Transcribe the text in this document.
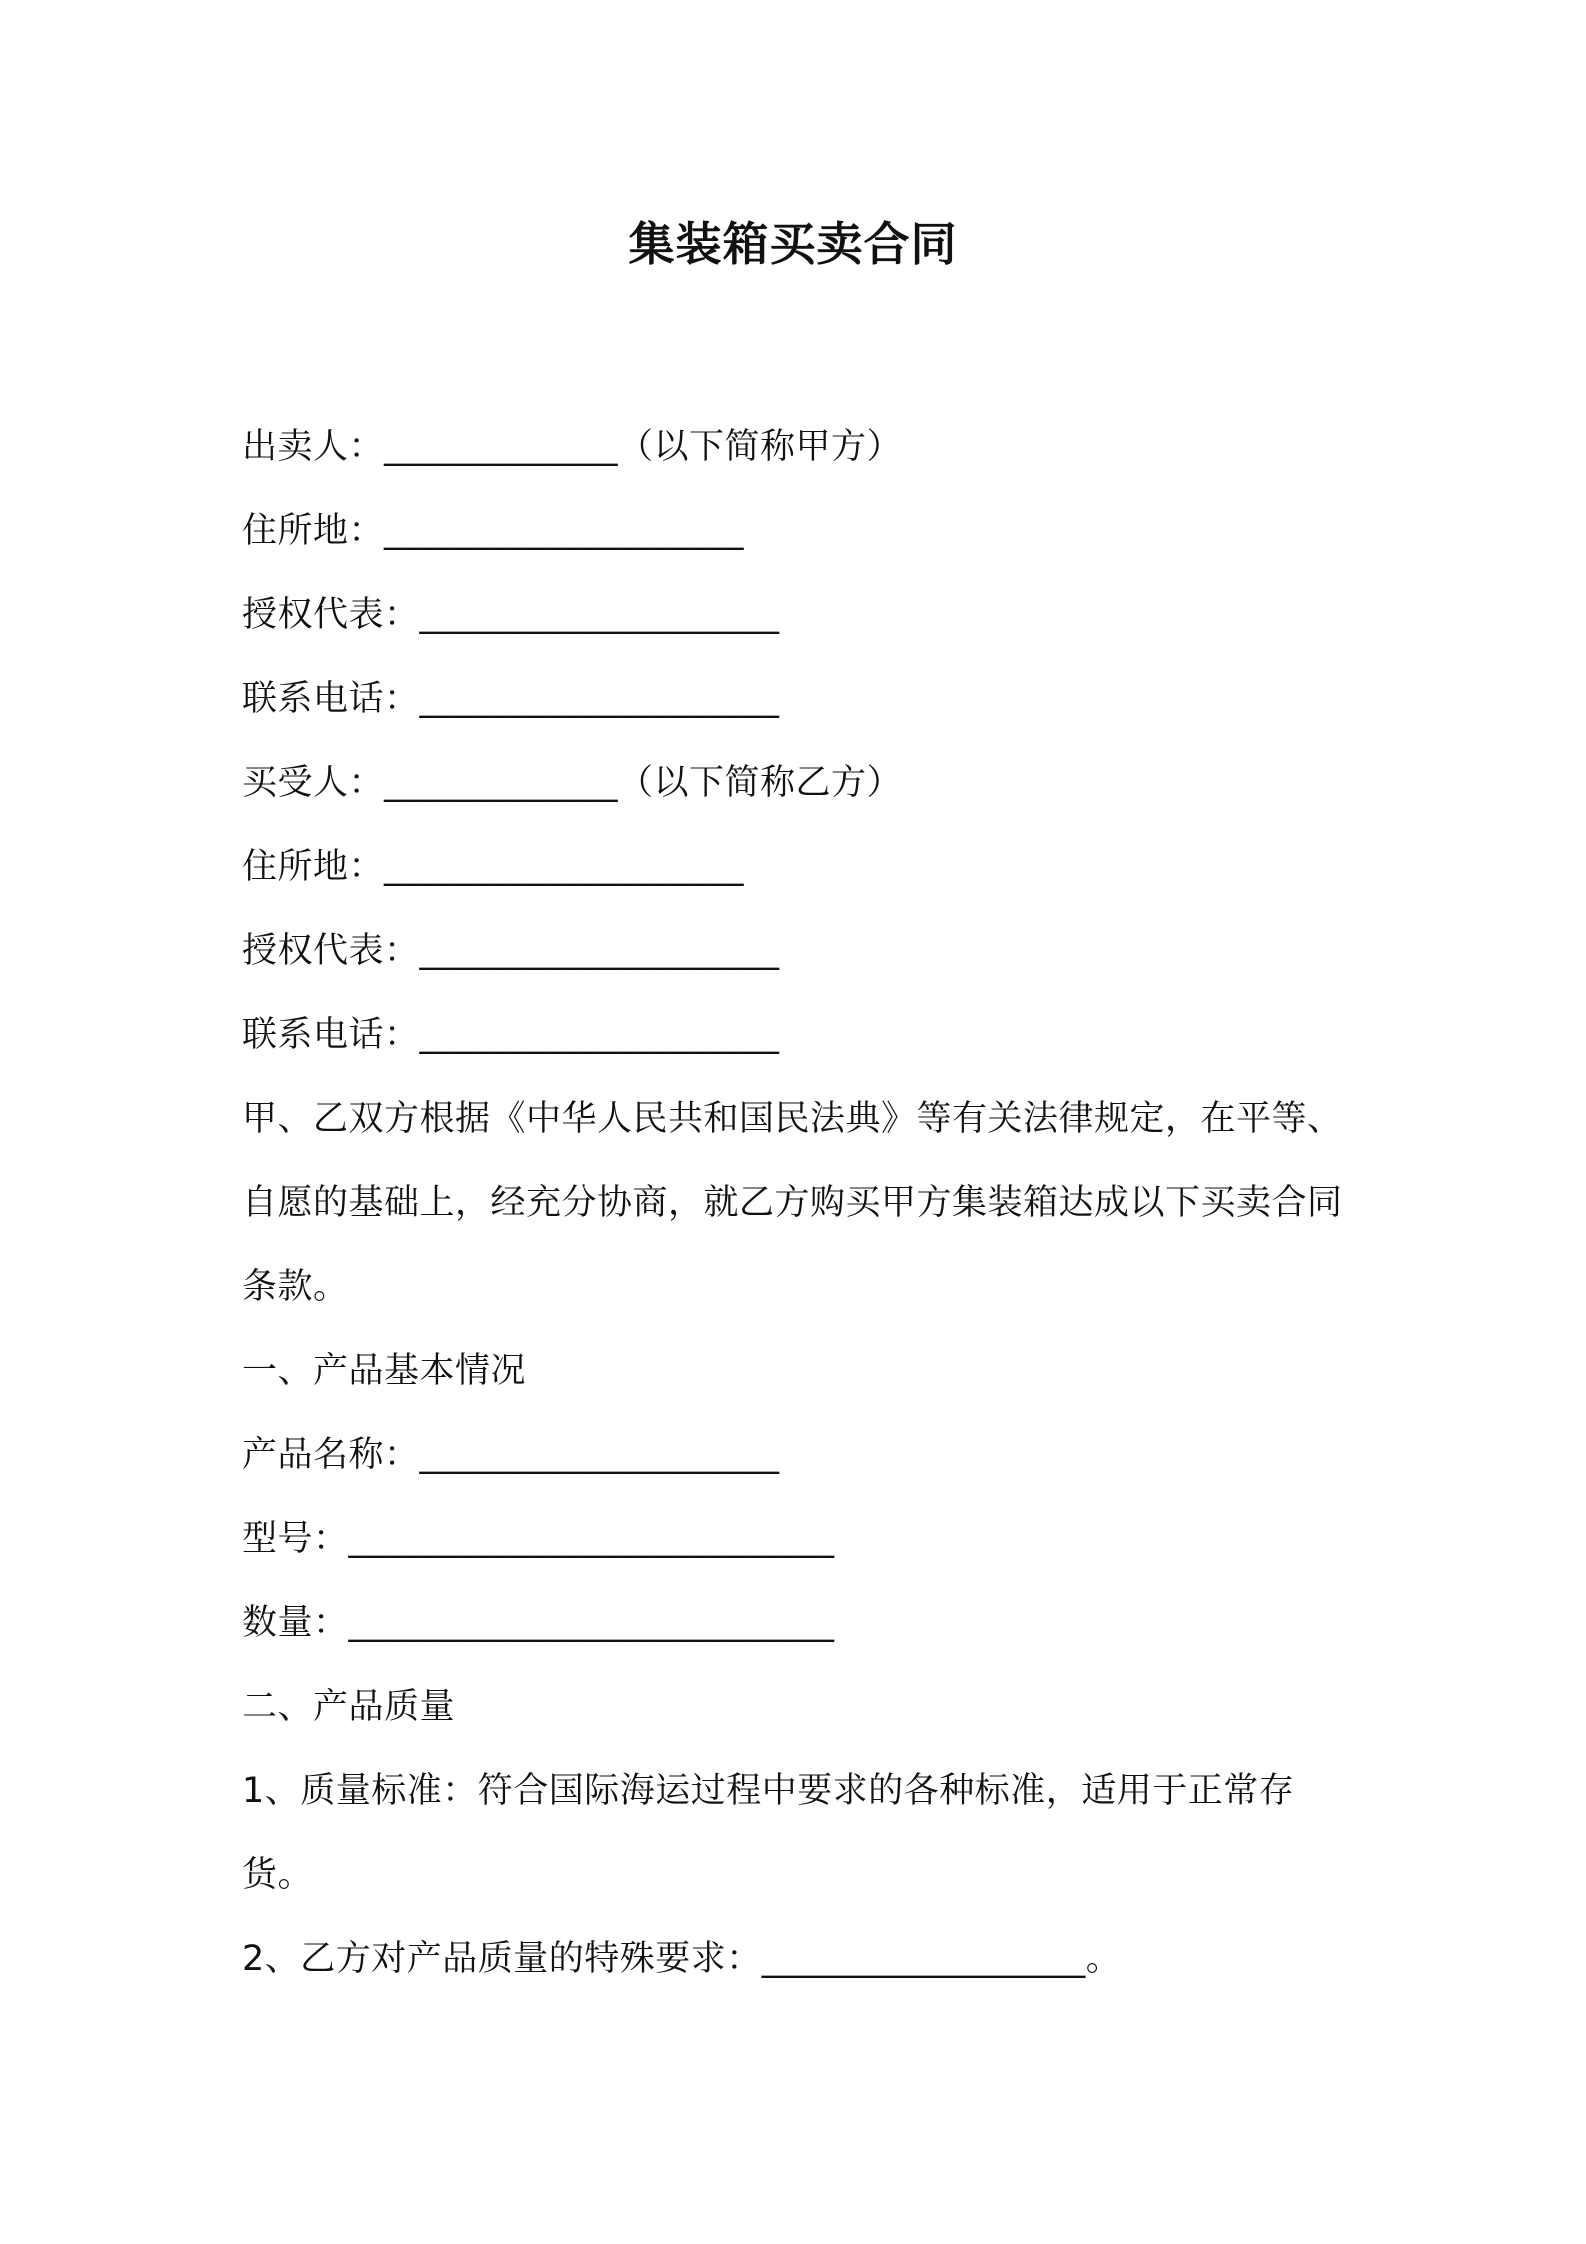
集装箱买卖合同
出卖人：_____________（以下简称甲方）
住所地：____________________
授权代表：____________________
联系电话：____________________
买受人：_____________（以下简称乙方）
住所地：____________________
授权代表：____________________
联系电话：____________________
甲、乙双方根据《中华人民共和国民法典》等有关法律规定，在平等、自愿的基础上，经充分协商，就乙方购买甲方集装箱达成以下买卖合同条款。
一、产品基本情况
产品名称：____________________
型号：___________________________
数量：___________________________
二、产品质量
1、质量标准：符合国际海运过程中要求的各种标准，适用于正常存货。
2、乙方对产品质量的特殊要求：__________________。
